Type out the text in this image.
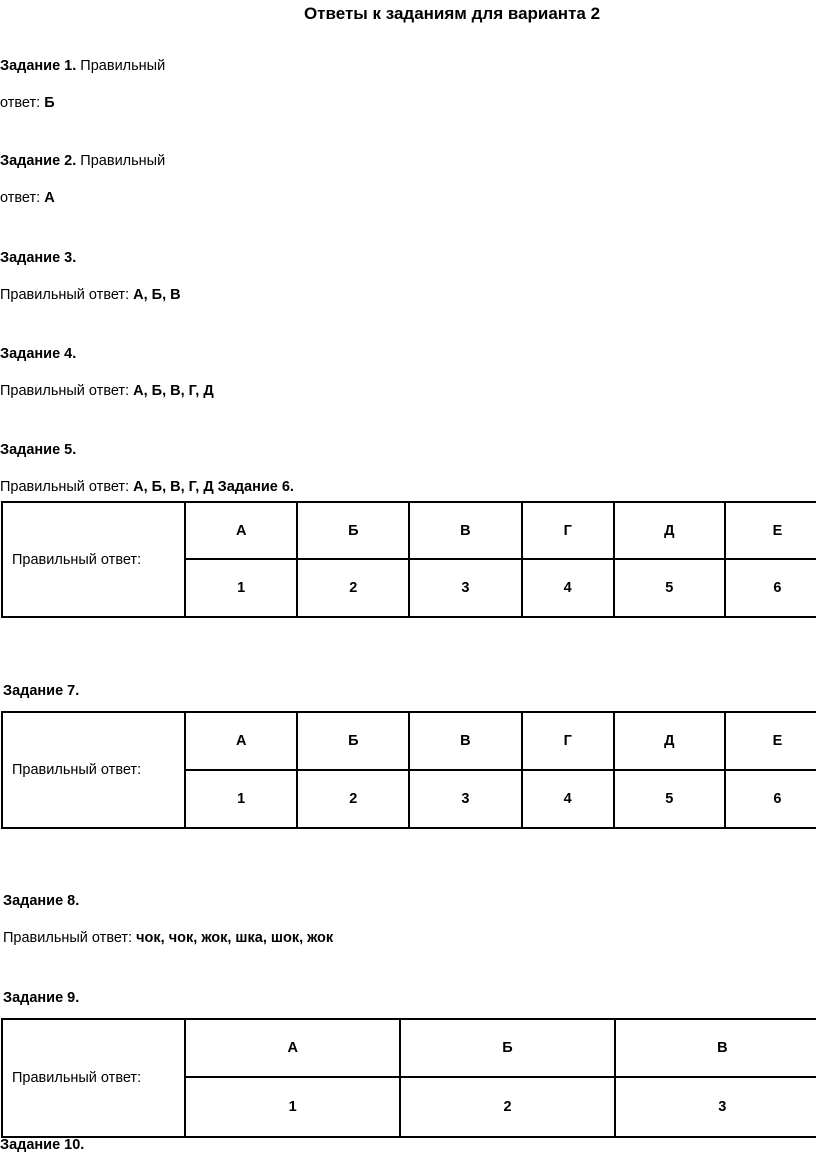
Ответы к заданиям для варианта 2
Задание 1. Правильный
ответ: Б
Задание 2. Правильный
ответ: А
Задание 3.
Правильный ответ: А, Б, В
Задание 4.
Правильный ответ: А, Б, В, Г, Д
Задание 5.
Правильный ответ: А, Б, В, Г, Д Задание 6.
Правильный ответ:	А	Б	В	Г	Д	Е
	1	2	3	4	5	6
Задание 7.
Правильный ответ:	А	Б	В	Г	Д	Е
	1	2	3	4	5	6
Задание 8.
Правильный ответ: чок, чок, жок, шка, шок, жок
Задание 9.
Правильный ответ:	А	Б	В
	1	2	3
Задание 10.
